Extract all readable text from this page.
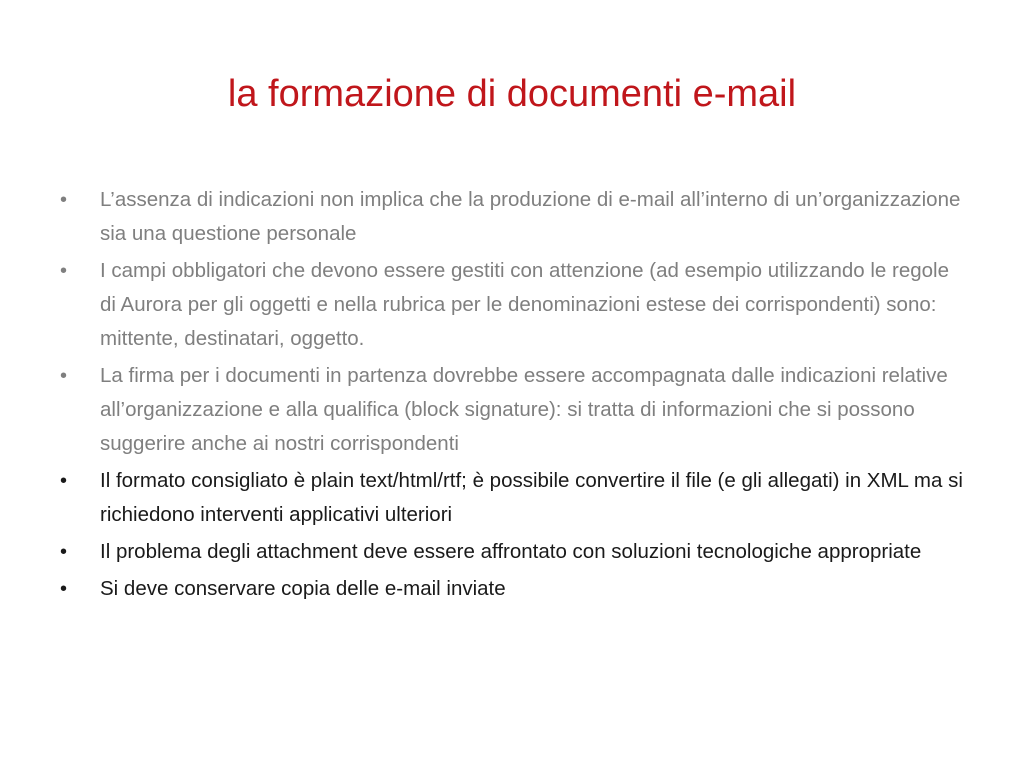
la formazione di documenti e-mail
• L’assenza di indicazioni non implica che la produzione di e-mail all’interno di un’organizzazione sia una questione personale
• I campi obbligatori che devono essere gestiti con attenzione (ad esempio utilizzando le regole di Aurora per gli oggetti e nella rubrica per le denominazioni estese dei corrispondenti) sono: mittente, destinatari, oggetto.
• La firma per i documenti in partenza dovrebbe essere accompagnata dalle indicazioni relative all’organizzazione e alla qualifica (block signature): si tratta di informazioni che si possono suggerire anche ai nostri corrispondenti
• Il formato consigliato è plain text/html/rtf; è possibile convertire il file (e gli allegati) in XML ma si richiedono interventi applicativi ulteriori
• Il problema degli attachment deve essere affrontato con soluzioni tecnologiche appropriate
• Si deve conservare copia delle e-mail inviate
